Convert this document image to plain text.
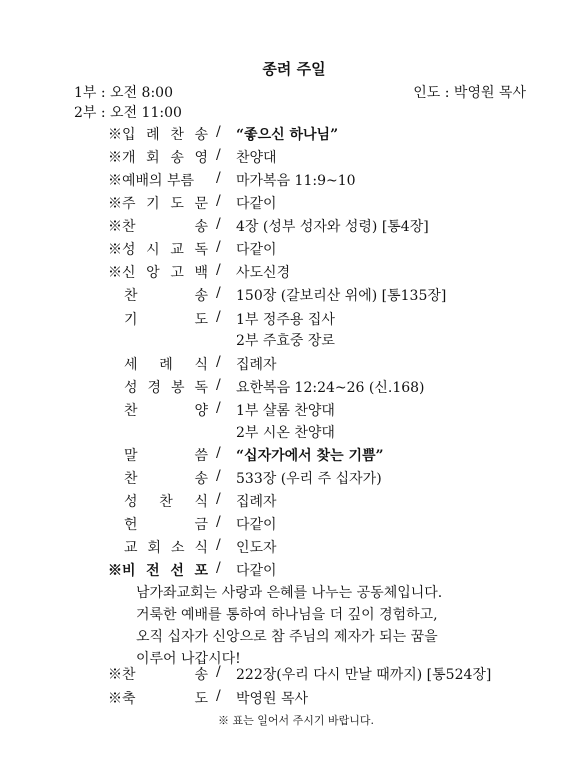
종려 주일
1부 : 오전 8:00
2부 : 오전 11:00
인도 : 박영원 목사
※입 례 찬 송 / “좋으신 하나님”
※개 회 송 영 / 찬양대
※예배의 부름 / 마가복음 11:9~10
※주 기 도 문 / 다같이
※찬	송 / 4장 (성부 성자와 성령) [통4장]
※성 시 교 독 / 다같이
※신 앙 고 백 / 사도신경
찬	송 / 150장 (갈보리산 위에) [통135장]
기	도 / 1부 정주용 집사
2부 주효중 장로
세 례 식 / 집례자
성 경 봉 독 / 요한복음 12:24~26 (신.168)
찬	양 / 1부 샬롬 찬양대
2부 시온 찬양대
말	씀 / “십자가에서 찾는 기쁨”
찬	송 / 533장 (우리 주 십자가)
성 찬 식 / 집례자
헌	금 / 다같이
교 회 소 식 / 인도자
※비 전 선 포 / 다같이
※찬	송 / 222장(우리 다시 만날 때까지) [통524장]
※축	도 / 박영원 목사
남가좌교회는 사랑과 은혜를 나누는 공동체입니다.
거룩한 예배를 통하여 하나님을 더 깊이 경험하고,
오직 십자가 신앙으로 참 주님의 제자가 되는 꿈을
이루어 나갑시다!
※ 표는 일어서 주시기 바랍니다.
